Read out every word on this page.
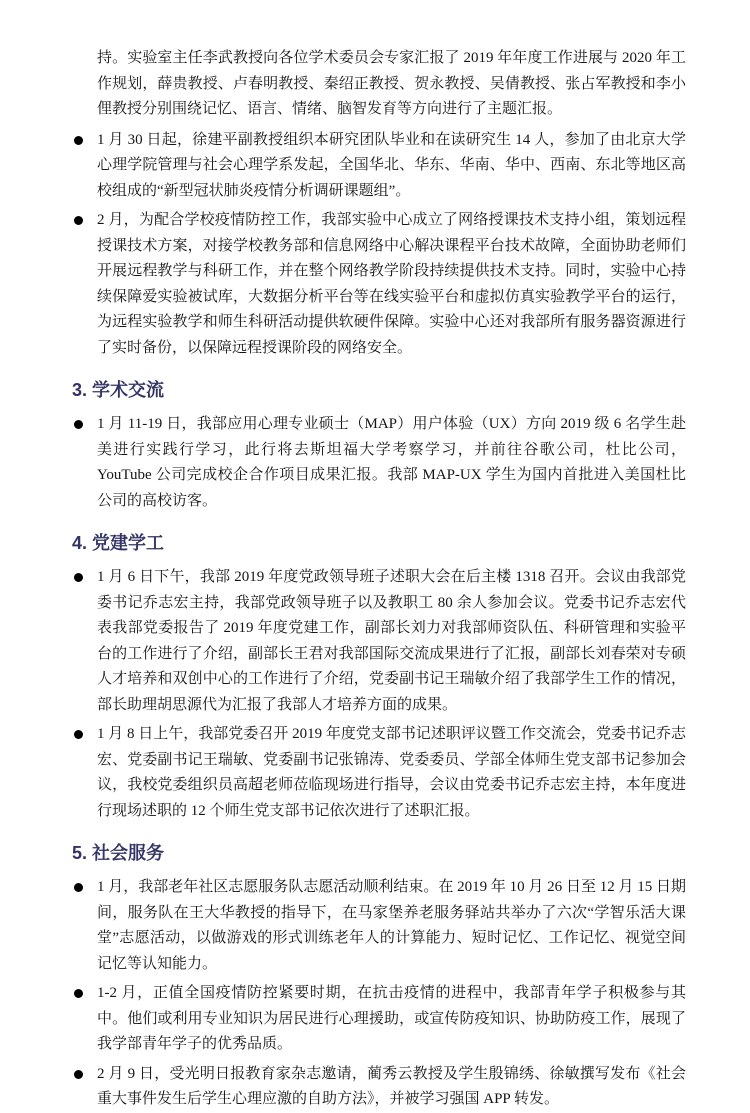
持。实验室主任李武教授向各位学术委员会专家汇报了 2019 年年度工作进展与 2020 年工作规划，薛贵教授、卢春明教授、秦绍正教授、贺永教授、吴倩教授、张占军教授和李小俚教授分别围绕记忆、语言、情绪、脑智发育等方向进行了主题汇报。

1 月 30 日起，徐建平副教授组织本研究团队毕业和在读研究生 14 人，参加了由北京大学心理学院管理与社会心理学系发起，全国华北、华东、华南、华中、西南、东北等地区高校组成的“新型冠状肺炎疫情分析调研课题组”。

2 月，为配合学校疫情防控工作，我部实验中心成立了网络授课技术支持小组，策划远程授课技术方案，对接学校教务部和信息网络中心解决课程平台技术故障，全面协助老师们开展远程教学与科研工作，并在整个网络教学阶段持续提供技术支持。同时，实验中心持续保障爱实验被试库，大数据分析平台等在线实验平台和虚拟仿真实验教学平台的运行，为远程实验教学和师生科研活动提供软硬件保障。实验中心还对我部所有服务器资源进行了实时备份，以保障远程授课阶段的网络安全。

3. 学术交流

1 月 11-19 日，我部应用心理专业硕士（MAP）用户体验（UX）方向 2019 级 6 名学生赴美进行实践行学习，此行将去斯坦福大学考察学习，并前往谷歌公司，杜比公司，YouTube 公司完成校企合作项目成果汇报。我部 MAP-UX 学生为国内首批进入美国杜比公司的高校访客。

4. 党建学工

1 月 6 日下午，我部 2019 年度党政领导班子述职大会在后主楼 1318 召开。会议由我部党委书记乔志宏主持，我部党政领导班子以及教职工 80 余人参加会议。党委书记乔志宏代表我部党委报告了 2019 年度党建工作，副部长刘力对我部师资队伍、科研管理和实验平台的工作进行了介绍，副部长王君对我部国际交流成果进行了汇报，副部长刘春荣对专硕人才培养和双创中心的工作进行了介绍，党委副书记王瑞敏介绍了我部学生工作的情况，部长助理胡思源代为汇报了我部人才培养方面的成果。

1 月 8 日上午，我部党委召开 2019 年度党支部书记述职评议暨工作交流会，党委书记乔志宏、党委副书记王瑞敏、党委副书记张锦涛、党委委员、学部全体师生党支部书记参加会议，我校党委组织员高超老师莅临现场进行指导，会议由党委书记乔志宏主持，本年度进行现场述职的 12 个师生党支部书记依次进行了述职汇报。

5. 社会服务

1 月，我部老年社区志愿服务队志愿活动顺利结束。在 2019 年 10 月 26 日至 12 月 15 日期间，服务队在王大华教授的指导下，在马家堡养老服务驿站共举办了六次“学智乐活大课堂”志愿活动，以做游戏的形式训练老年人的计算能力、短时记忆、工作记忆、视觉空间记忆等认知能力。

1-2 月，正值全国疫情防控紧要时期，在抗击疫情的进程中，我部青年学子积极参与其中。他们或利用专业知识为居民进行心理援助，或宣传防疫知识、协助防疫工作，展现了我学部青年学子的优秀品质。

2 月 9 日，受光明日报教育家杂志邀请，蔺秀云教授及学生殷锦绣、徐敏撰写发布《社会重大事件发生后学生心理应激的自助方法》，并被学习强国 APP 转发。
